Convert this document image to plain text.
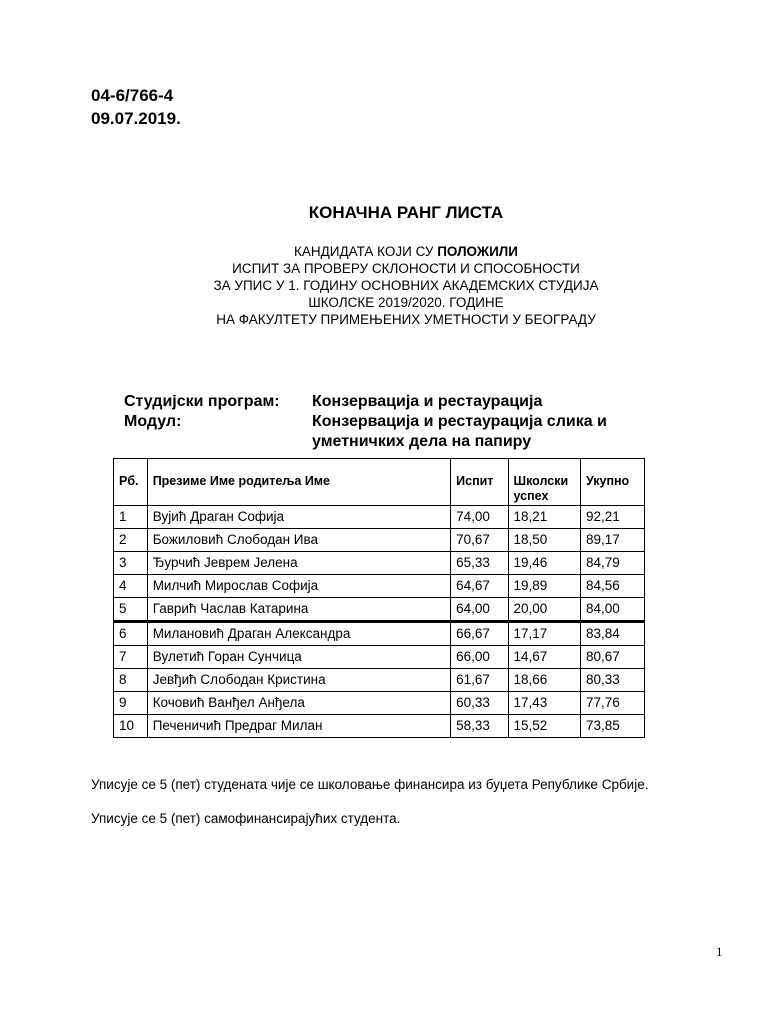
04-6/766-4
09.07.2019.
КОНАЧНА РАНГ ЛИСТА
КАНДИДАТА КОЈИ СУ ПОЛОЖИЛИ
ИСПИТ ЗА ПРОВЕРУ СКЛОНОСТИ И СПОСОБНОСТИ
ЗА УПИС У 1. ГОДИНУ ОСНОВНИХ АКАДЕМСКИХ СТУДИЈА
ШКОЛСКЕ 2019/2020. ГОДИНЕ
НА ФАКУЛТЕТУ ПРИМЕЊЕНИХ УМЕТНОСТИ У БЕОГРАДУ
Студијски програм:	Конзервација и рестаурација
Модул:	Конзервација и рестаурација слика и уметничких дела на папиру
Рб.	Презиме Име родитеља Име	Испит	Школски успех	Укупно
1	Вујић Драган Софија	74,00	18,21	92,21
2	Божиловић Слободан Ива	70,67	18,50	89,17
3	Ђурчић Јеврем Јелена	65,33	19,46	84,79
4	Милчић Мирослав Софија	64,67	19,89	84,56
5	Гаврић Часлав Катарина	64,00	20,00	84,00
6	Милановић Драган Александра	66,67	17,17	83,84
7	Вулетић Горан Сунчица	66,00	14,67	80,67
8	Јевђић Слободан Кристина	61,67	18,66	80,33
9	Кочовић Ванђел Анђела	60,33	17,43	77,76
10	Печеничић Предраг Милан	58,33	15,52	73,85
Уписује се 5 (пет) студената чије се школовање финансира из буџета Републике Србије.
Уписује се 5 (пет) самофинансирајућих студента.
1
